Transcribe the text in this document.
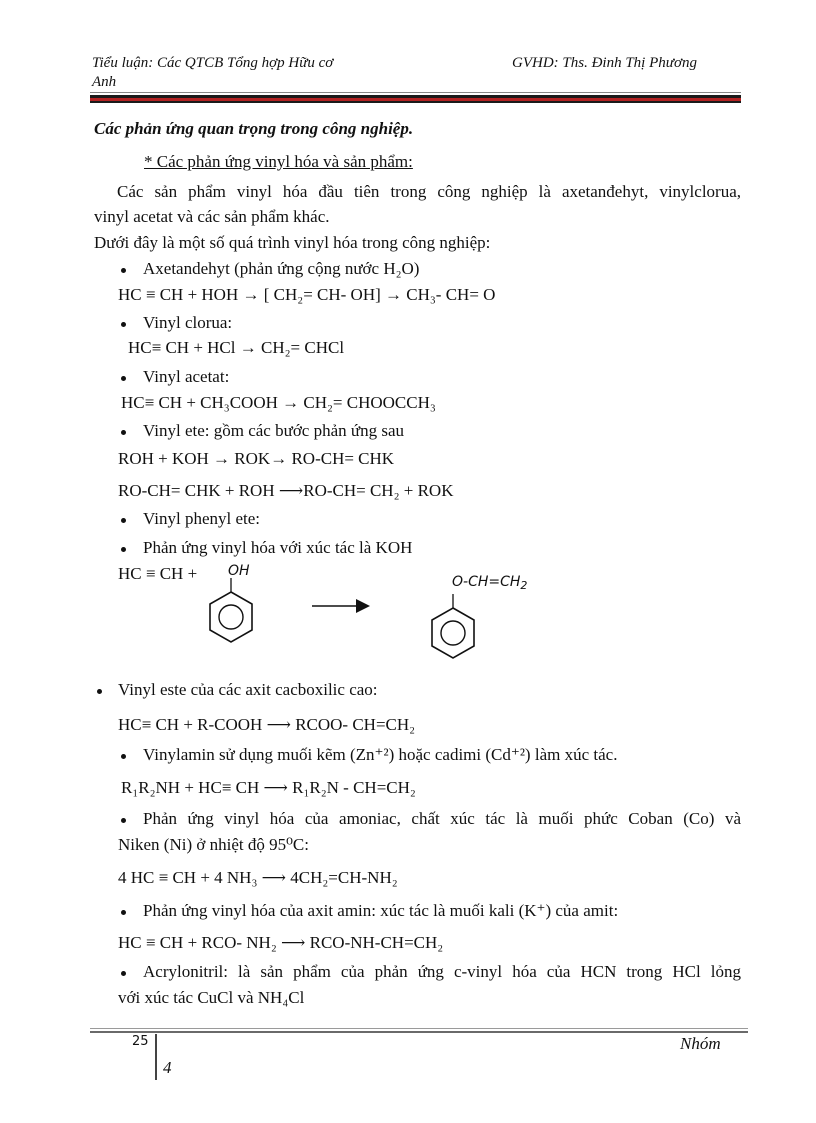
Tiểu luận: Các QTCB Tổng hợp Hữu cơ
Anh
GVHD: Ths. Đinh Thị Phương
Các phản ứng quan trọng trong công nghiệp.
* Các phản ứng vinyl hóa và sản phẩm:
Các sản phẩm vinyl hóa đầu tiên trong công nghiệp là axetanđehyt, vinylclorua,
vinyl acetat và các sản phẩm khác.
Dưới đây là một số quá trình vinyl hóa trong công nghiệp:
Axetandehyt (phản ứng cộng nước H₂O)
HC ≡ CH + HOH → [ CH₂= CH- OH] → CH₃- CH= O
Vinyl clorua:
HC≡ CH + HCl → CH₂= CHCl
Vinyl acetat:
HC≡ CH + CH₃COOH → CH₂= CHOOCCH₃
Vinyl ete: gồm các bước phản ứng sau
ROH + KOH → ROK→ RO-CH= CHK
RO-CH= CHK + ROH ⟶RO-CH= CH₂ + ROK
Vinyl phenyl ete:
Phản ứng vinyl hóa với xúc tác là KOH
HC ≡ CH + OH
$O-CH=CH_2$
Vinyl este của các axit cacboxilic cao:
HC≡ CH + R-COOH ⟶ RCOO- CH=CH₂
Vinylamin sử dụng muối kẽm (Zn⁺²) hoặc cadimi (Cd⁺²) làm xúc tác.
R₁R₂NH + HC≡ CH ⟶ R₁R₂N - CH=CH₂
Phản ứng vinyl hóa của amoniac, chất xúc tác là muối phức Coban (Co) và
Niken (Ni) ở nhiệt độ 95⁰C:
4 HC ≡ CH + 4 NH₃ ⟶ 4CH₂=CH-NH₂
Phản ứng vinyl hóa của axit amin: xúc tác là muối kali (K⁺) của amit:
HC ≡ CH + RCO- NH₂ ⟶ RCO-NH-CH=CH₂
Acrylonitril: là sản phẩm của phản ứng c-vinyl hóa của HCN trong HCl lỏng
với xúc tác CuCl và NH₄Cl
25	Nhóm
4
